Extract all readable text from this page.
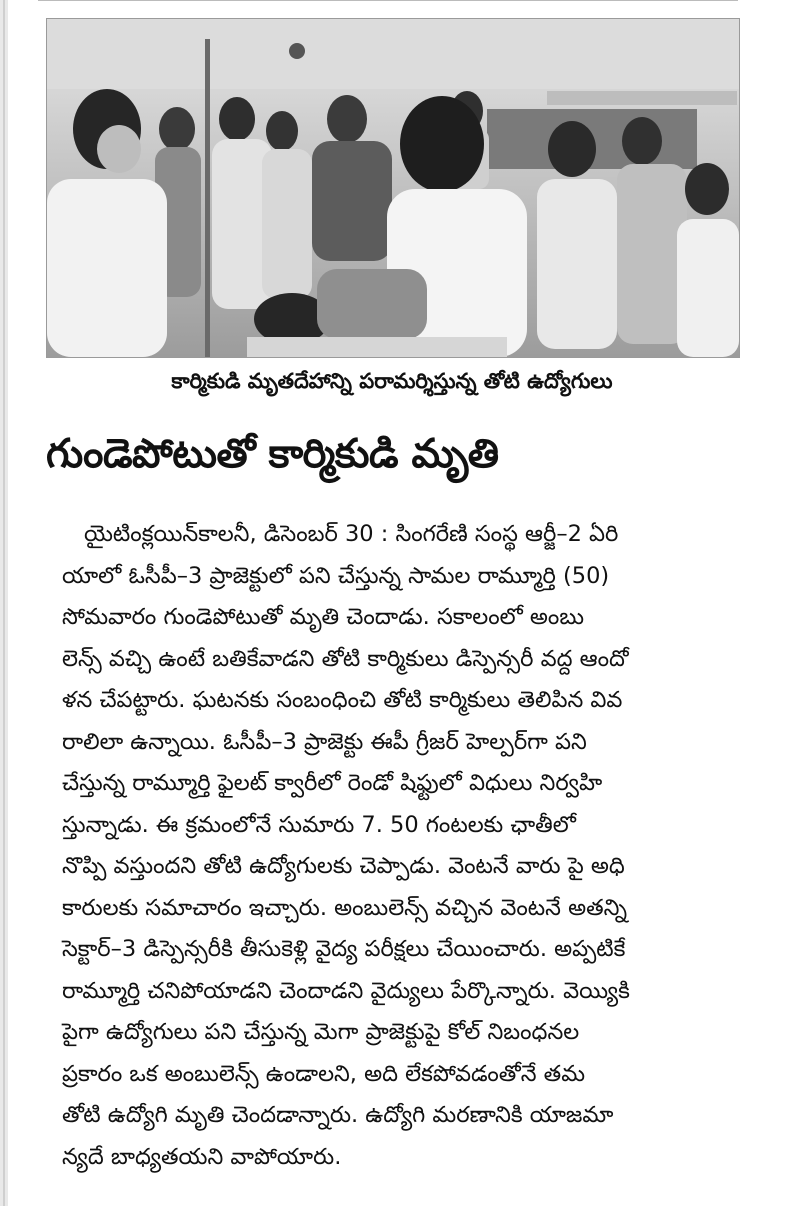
కార్మికుడి మృతదేహాన్ని పరామర్శిస్తున్న తోటి ఉద్యోగులు
గుండెపోటుతో కార్మికుడి మృతి
యైటింక్లయిన్‌కాలనీ, డిసెంబర్ 30 : సింగరేణి సంస్థ ఆర్జీ–2 ఏరి
యాలో ఓసీపీ–3 ప్రాజెక్టులో పని చేస్తున్న సామల రామ్మూర్తి (50)
సోమవారం గుండెపోటుతో మృతి చెందాడు. సకాలంలో అంబు
లెన్స్ వచ్చి ఉంటే బతికేవాడని తోటి కార్మికులు డిస్పెన్సరీ వద్ద ఆందో
ళన చేపట్టారు. ఘటనకు సంబంధించి తోటి కార్మికులు తెలిపిన వివ
రాలిలా ఉన్నాయి. ఓసీపీ–3 ప్రాజెక్టు ఈపీ గ్రీజర్ హెల్పర్‌గా పని
చేస్తున్న రామ్మూర్తి ఫైలట్ క్వారీలో రెండో షిఫ్టులో విధులు నిర్వహి
స్తున్నాడు. ఈ క్రమంలోనే సుమారు 7. 50 గంటలకు ఛాతీలో
నొప్పి వస్తుందని తోటి ఉద్యోగులకు చెప్పాడు. వెంటనే వారు పై అధి
కారులకు సమాచారం ఇచ్చారు. అంబులెన్స్ వచ్చిన వెంటనే అతన్ని
సెక్టార్–3 డిస్పెన్సరీకి తీసుకెళ్లి వైద్య పరీక్షలు చేయించారు. అప్పటికే
రామ్మూర్తి చనిపోయాడని చెందాడని వైద్యులు పేర్కొన్నారు. వెయ్యికి
పైగా ఉద్యోగులు పని చేస్తున్న మెగా ప్రాజెక్టుపై కోల్ నిబంధనల
ప్రకారం ఒక అంబులెన్స్ ఉండాలని, అది లేకపోవడంతోనే తమ
తోటి ఉద్యోగి మృతి చెందడాన్నారు. ఉద్యోగి మరణానికి యాజమా
న్యదే బాధ్యతయని వాపోయారు.
